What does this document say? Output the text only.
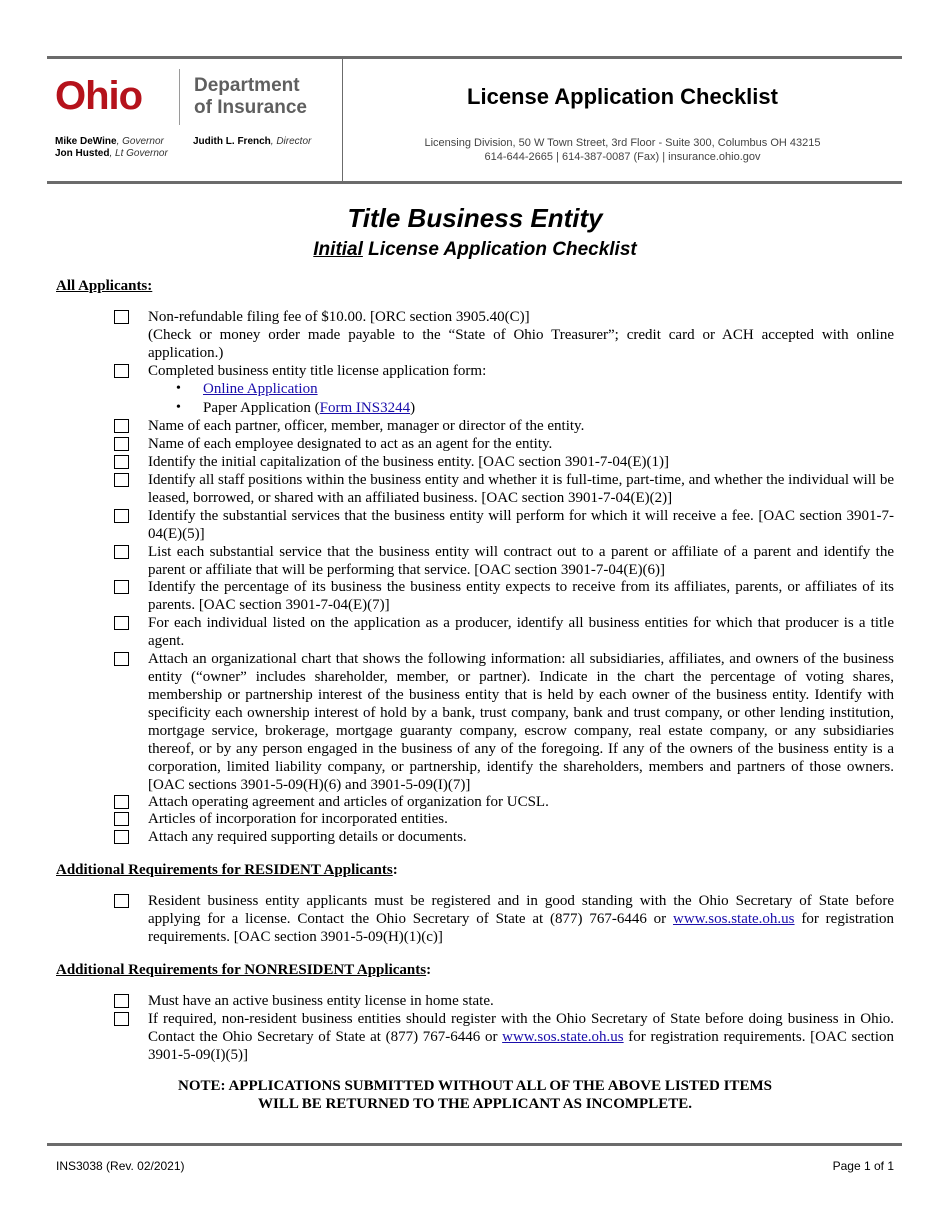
Ohio	Department
of Insurance
Mike DeWine, Governor
Jon Husted, Lt Governor
Judith L. French, Director
License Application Checklist
Licensing Division, 50 W Town Street, 3rd Floor - Suite 300, Columbus OH 43215
614-644-2665 | 614-387-0087 (Fax) | insurance.ohio.gov
Title Business Entity
Initial License Application Checklist
All Applicants:
Non-refundable filing fee of $10.00. [ORC section 3905.40(C)]
(Check or money order made payable to the “State of Ohio Treasurer”; credit card or ACH accepted with online application.)
Completed business entity title license application form:
• Online Application
• Paper Application (Form INS3244)
Name of each partner, officer, member, manager or director of the entity.
Name of each employee designated to act as an agent for the entity.
Identify the initial capitalization of the business entity. [OAC section 3901-7-04(E)(1)]
Identify all staff positions within the business entity and whether it is full-time, part-time, and whether the individual will be leased, borrowed, or shared with an affiliated business. [OAC section 3901-7-04(E)(2)]
Identify the substantial services that the business entity will perform for which it will receive a fee. [OAC section 3901-7-04(E)(5)]
List each substantial service that the business entity will contract out to a parent or affiliate of a parent and identify the parent or affiliate that will be performing that service. [OAC section 3901-7-04(E)(6)]
Identify the percentage of its business the business entity expects to receive from its affiliates, parents, or affiliates of its parents. [OAC section 3901-7-04(E)(7)]
For each individual listed on the application as a producer, identify all business entities for which that producer is a title agent.
Attach an organizational chart that shows the following information: all subsidiaries, affiliates, and owners of the business entity (“owner” includes shareholder, member, or partner). Indicate in the chart the percentage of voting shares, membership or partnership interest of the business entity that is held by each owner of the business entity. Identify with specificity each ownership interest of hold by a bank, trust company, bank and trust company, or other lending institution, mortgage service, brokerage, mortgage guaranty company, escrow company, real estate company, or any subsidiaries thereof, or by any person engaged in the business of any of the foregoing. If any of the owners of the business entity is a corporation, limited liability company, or partnership, identify the shareholders, members and partners of those owners. [OAC sections 3901-5-09(H)(6) and 3901-5-09(I)(7)]
Attach operating agreement and articles of organization for UCSL.
Articles of incorporation for incorporated entities.
Attach any required supporting details or documents.
Additional Requirements for RESIDENT Applicants:
Resident business entity applicants must be registered and in good standing with the Ohio Secretary of State before applying for a license. Contact the Ohio Secretary of State at (877) 767-6446 or www.sos.state.oh.us for registration requirements. [OAC section 3901-5-09(H)(1)(c)]
Additional Requirements for NONRESIDENT Applicants:
Must have an active business entity license in home state.
If required, non-resident business entities should register with the Ohio Secretary of State before doing business in Ohio. Contact the Ohio Secretary of State at (877) 767-6446 or www.sos.state.oh.us for registration requirements. [OAC section 3901-5-09(I)(5)]
NOTE: APPLICATIONS SUBMITTED WITHOUT ALL OF THE ABOVE LISTED ITEMS
WILL BE RETURNED TO THE APPLICANT AS INCOMPLETE.
INS3038 (Rev. 02/2021)	Page 1 of 1
